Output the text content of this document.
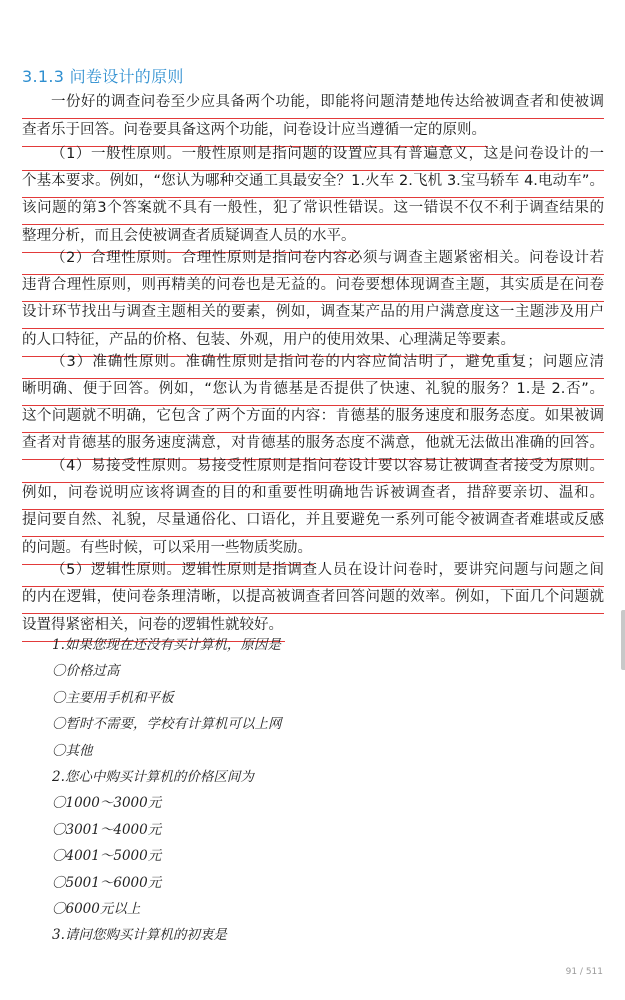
3.1.3 问卷设计的原则
一份好的调查问卷至少应具备两个功能，即能将问题清楚地传达给被调查者和使被调
查者乐于回答。问卷要具备这两个功能，问卷设计应当遵循一定的原则。
（1）一般性原则。一般性原则是指问题的设置应具有普遍意义，这是问卷设计的一
个基本要求。例如，“您认为哪种交通工具最安全？1.火车 2.飞机 3.宝马轿车 4.电动车”。
该问题的第3个答案就不具有一般性，犯了常识性错误。这一错误不仅不利于调查结果的
整理分析，而且会使被调查者质疑调查人员的水平。
（2）合理性原则。合理性原则是指问卷内容必须与调查主题紧密相关。问卷设计若
违背合理性原则，则再精美的问卷也是无益的。问卷要想体现调查主题，其实质是在问卷
设计环节找出与调查主题相关的要素，例如，调查某产品的用户满意度这一主题涉及用户
的人口特征，产品的价格、包装、外观，用户的使用效果、心理满足等要素。
（3）准确性原则。准确性原则是指问卷的内容应简洁明了，避免重复；问题应清
晰明确、便于回答。例如，“您认为肯德基是否提供了快速、礼貌的服务？1.是 2.否”。
这个问题就不明确，它包含了两个方面的内容：肯德基的服务速度和服务态度。如果被调
查者对肯德基的服务速度满意，对肯德基的服务态度不满意，他就无法做出准确的回答。
（4）易接受性原则。易接受性原则是指问卷设计要以容易让被调查者接受为原则。
例如，问卷说明应该将调查的目的和重要性明确地告诉被调查者，措辞要亲切、温和。
提问要自然、礼貌，尽量通俗化、口语化，并且要避免一系列可能令被调查者难堪或反感
的问题。有些时候，可以采用一些物质奖励。
（5）逻辑性原则。逻辑性原则是指调查人员在设计问卷时，要讲究问题与问题之间
的内在逻辑，使问卷条理清晰，以提高被调查者回答问题的效率。例如，下面几个问题就
设置得紧密相关，问卷的逻辑性就较好。
1.如果您现在还没有买计算机，原因是
〇价格过高
〇主要用手机和平板
〇暂时不需要，学校有计算机可以上网
〇其他
2.您心中购买计算机的价格区间为
〇1000～3000元
〇3001～4000元
〇4001～5000元
〇5001～6000元
〇6000元以上
3.请问您购买计算机的初衷是
91 / 511
